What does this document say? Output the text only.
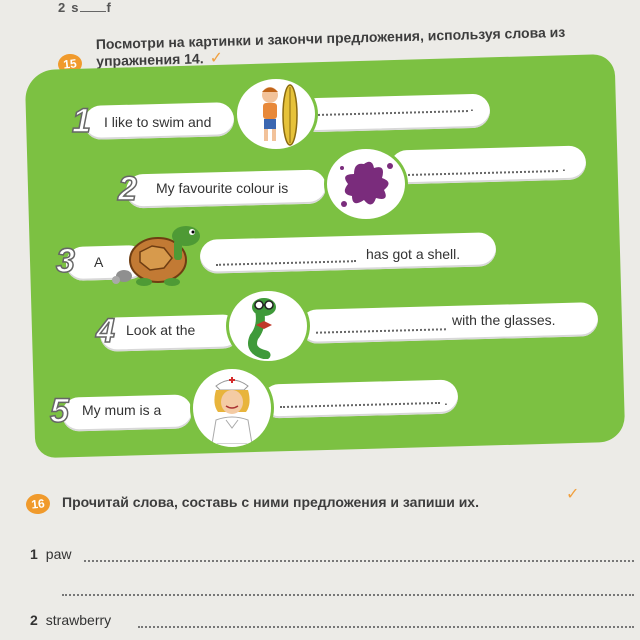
2 s f
15
Посмотри на картинки и закончи предложения, используя слова из
упражнения 14. ✓
1 I like to swim and
.
2 My favourite colour is
.
3 A	has got a shell.
4 Look at the
with the glasses.
5 My mum is a
.
16	Прочитай слова, составь с ними предложения и запиши их.	✓
1 paw
2 strawberry
